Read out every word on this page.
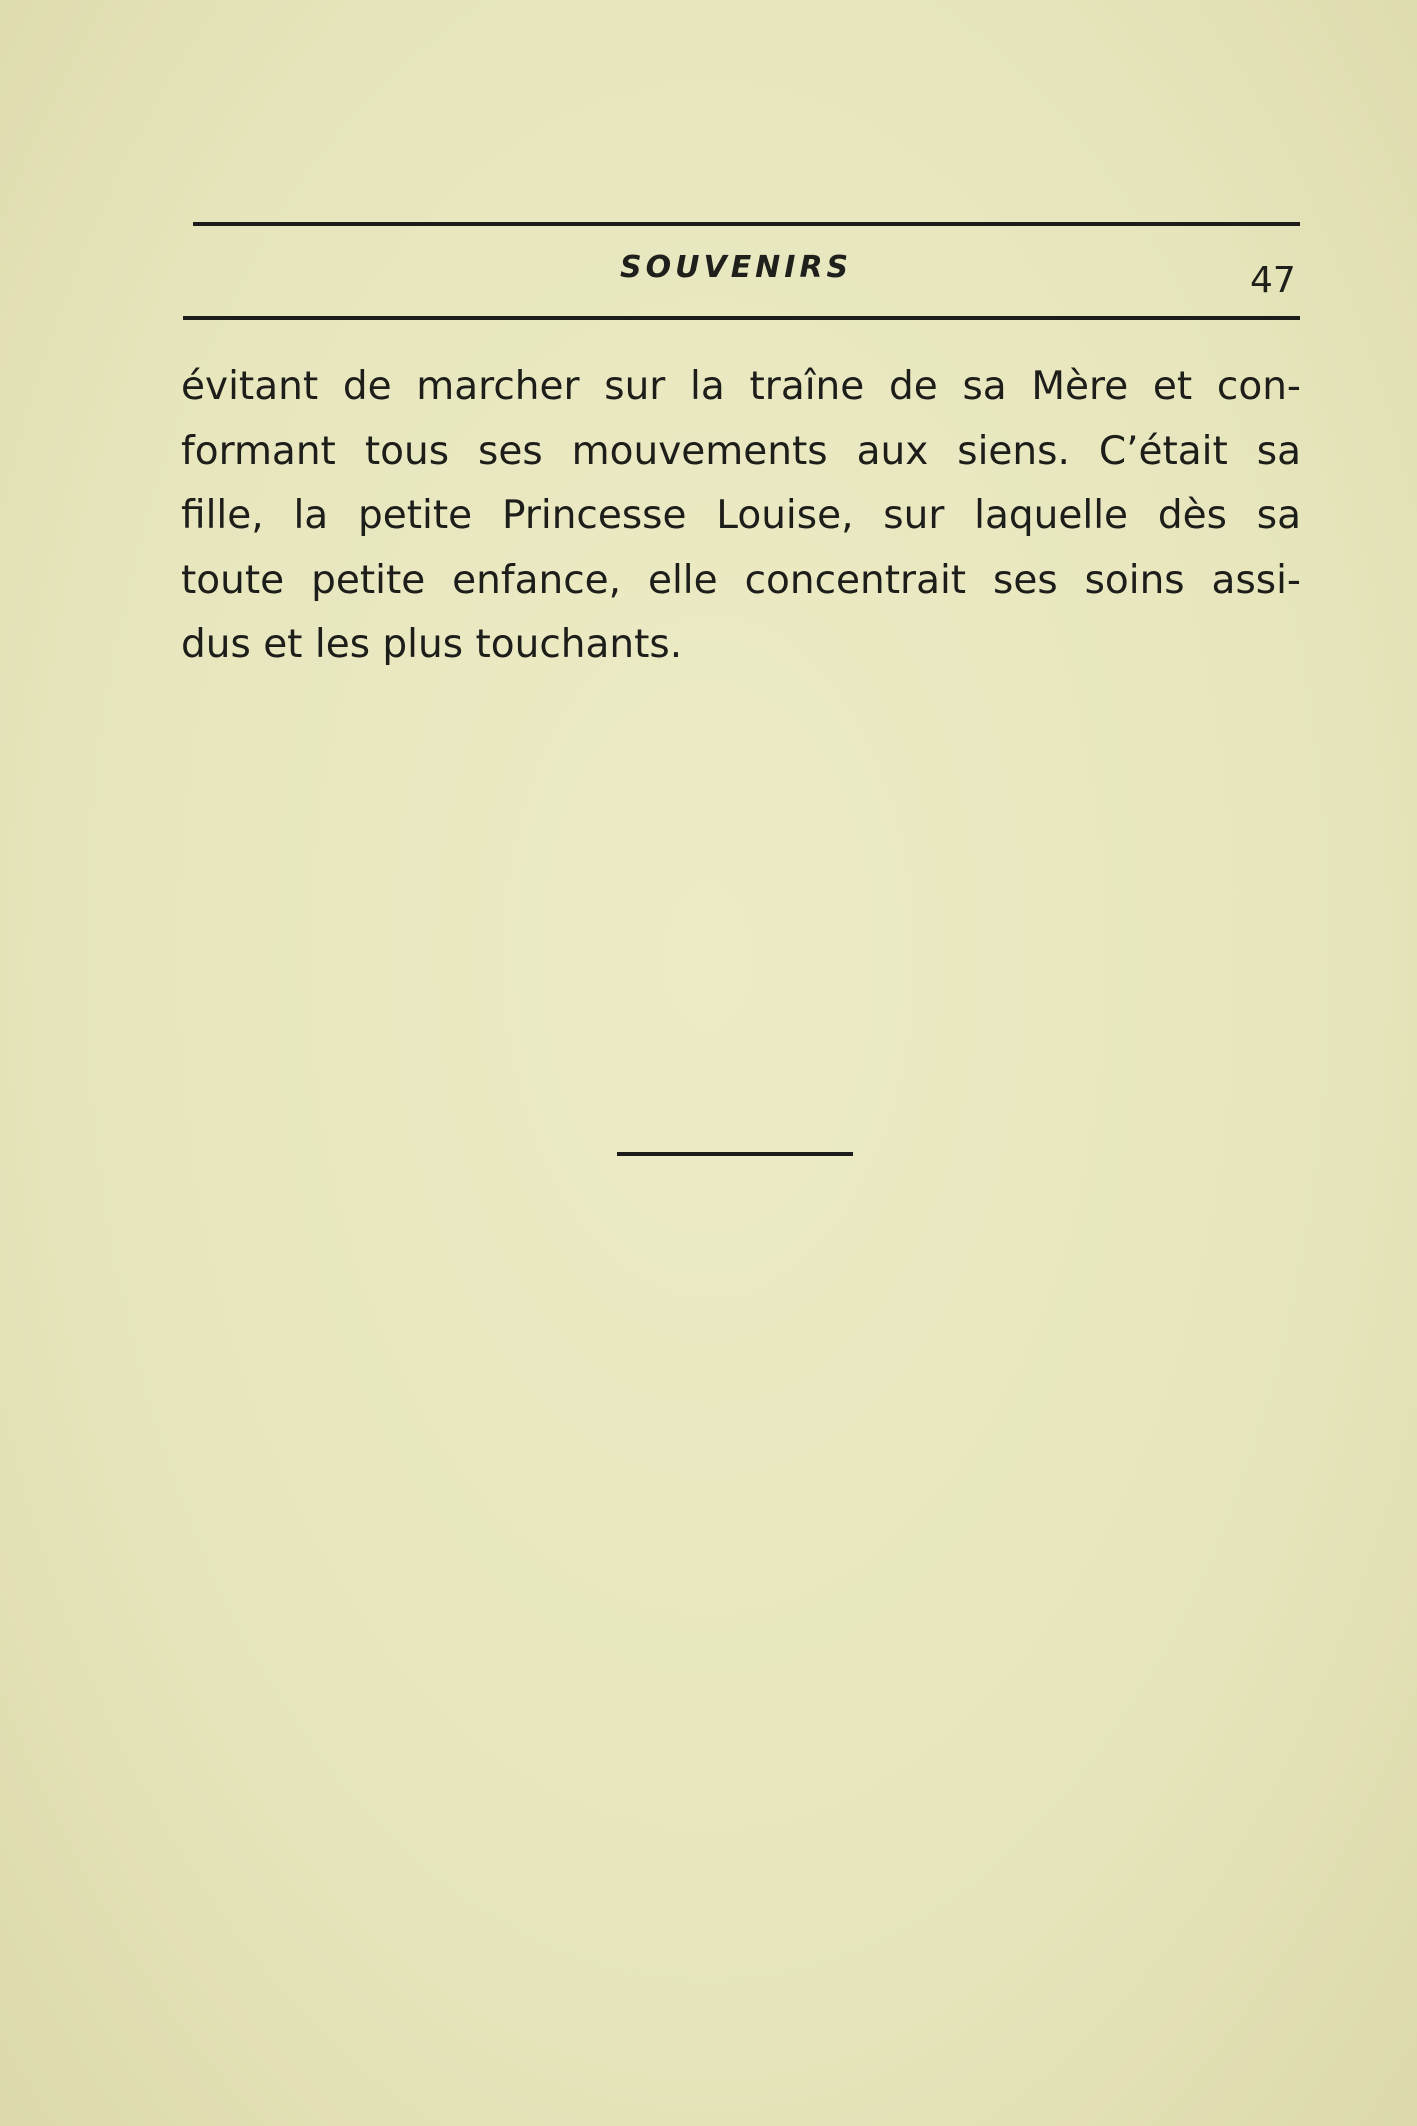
SOUVENIRS	47
évitant de marcher sur la traîne de sa Mère et con-
formant tous ses mouvements aux siens. C’était sa
fille, la petite Princesse Louise, sur laquelle dès sa
toute petite enfance, elle concentrait ses soins assi-
dus et les plus touchants.
